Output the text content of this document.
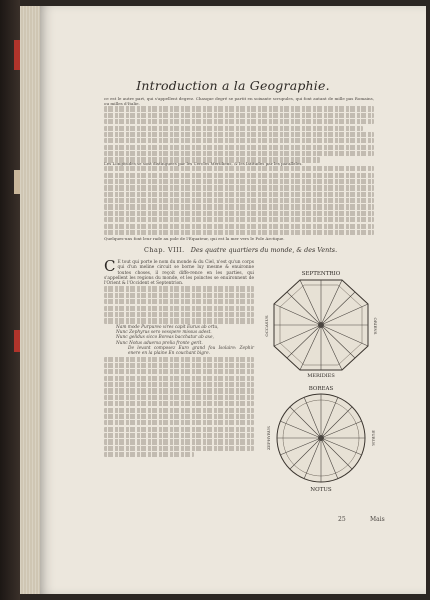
Introduction a la Geographie.
ce est le autre part, qui s'appellent degrez. Chasque degré se partit en soixante scrupules, qui font autant de mille pas Romains, ou milles d'Italie.
Les Longitudes se sont distinguees par les Cercles Meridiens, & les latitudes par les paralleles.
Quelques-uns font leur rade au pole de l'Equateur, qui est la mer vers le Pole Arctique.
Chap. VIII. Des quatre quartiers du monde, & des Vents.
C E tout qui porte le nom du monde & du Ciel, n'est qu'un corps qui d'un meline circuit se borne luy mesme & enuironne toutes choses, il reçoit diffe-rence en les parties, qui s'appellent les regions du monde, et les poinctes se enuironnent de l'Orient & l'Occident et Septentrion.
Nam mode Purpureo vires capit Eurus ab ortu,
Nunc Zephyrus sero vesspere missus adest.
Nunc gelidus sicco Boreas bacchatur ab axe,
Nunc Notus aduersa prelia fronte gerit.
De levant composez Euro grand fou Isolaire: Zephir enere en la plaine En couchant bigre.
SEPTENTRIO
MERIDIES
OCCASUS	ORIENS
BOREAS
NOTUS
ZEPHYRUS	EURUS
25	Mais
